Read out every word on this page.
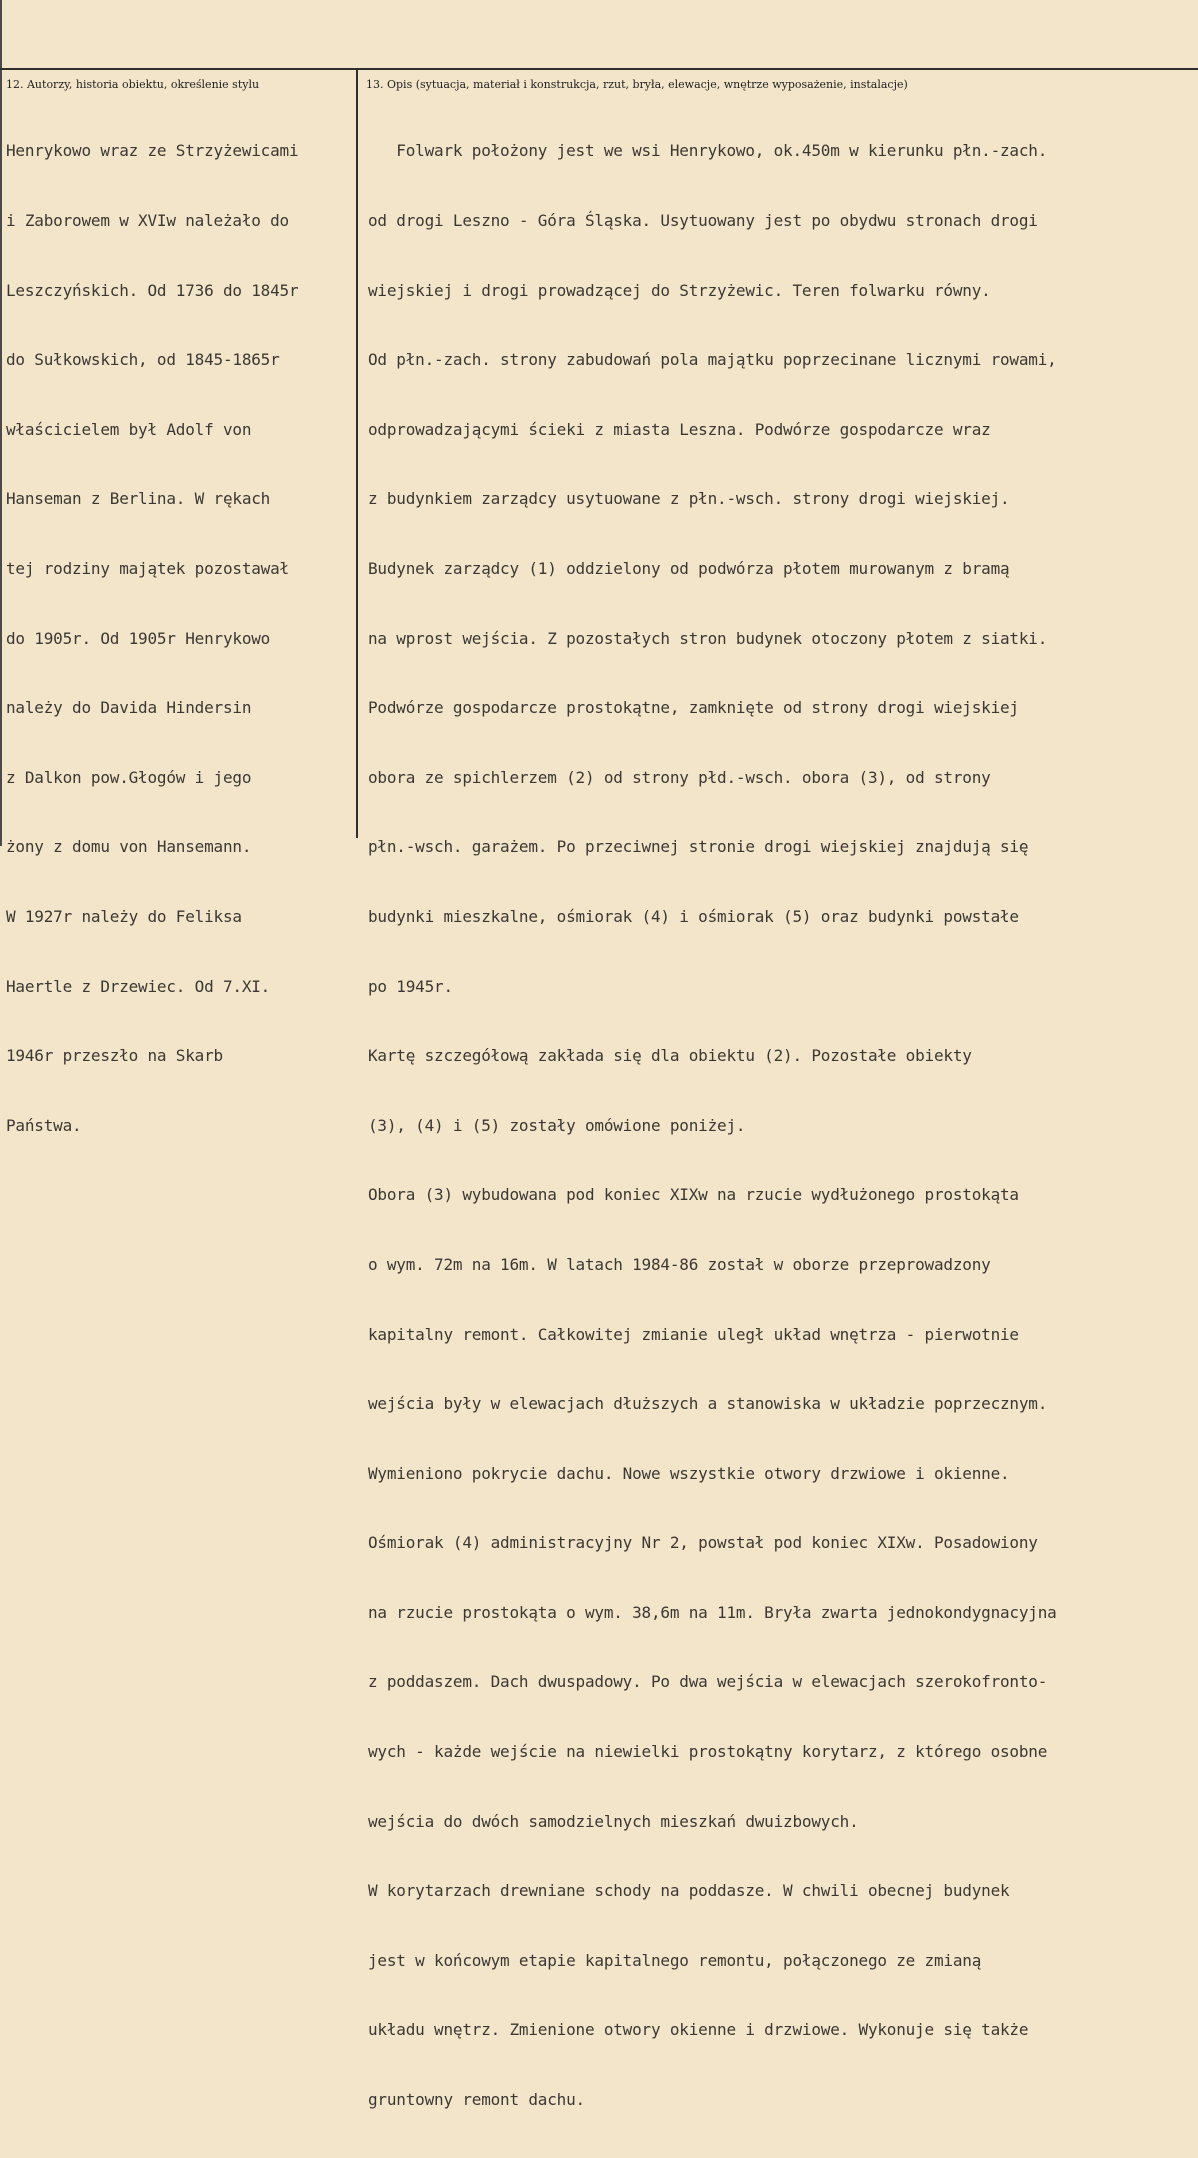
12. Autorzy, historia obiektu, określenie stylu	13. Opis (sytuacja, materiał i konstrukcja, rzut, bryła, elewacje, wnętrze wyposażenie, instalacje)

Henrykowo wraz ze Strzyżewicami

i Zaborowem w XVIw należało do

Leszczyńskich. Od 1736 do 1845r

do Sułkowskich, od 1845-1865r

właścicielem był Adolf von

Hanseman z Berlina. W rękach

tej rodziny majątek pozostawał

do 1905r. Od 1905r Henrykowo

należy do Davida Hindersin

z Dalkon pow.Głogów i jego

żony z domu von Hansemann.

W 1927r należy do Feliksa

Haertle z Drzewiec. Od 7.XI.

1946r przeszło na Skarb

Państwa.

Folwark położony jest we wsi Henrykowo, ok.450m w kierunku płn.-zach.

od drogi Leszno - Góra Śląska. Usytuowany jest po obydwu stronach drogi

wiejskiej i drogi prowadzącej do Strzyżewic. Teren folwarku równy.

Od płn.-zach. strony zabudowań pola majątku poprzecinane licznymi rowami,

odprowadzającymi ścieki z miasta Leszna. Podwórze gospodarcze wraz

z budynkiem zarządcy usytuowane z płn.-wsch. strony drogi wiejskiej.

Budynek zarządcy (1) oddzielony od podwórza płotem murowanym z bramą

na wprost wejścia. Z pozostałych stron budynek otoczony płotem z siatki.

Podwórze gospodarcze prostokątne, zamknięte od strony drogi wiejskiej

obora ze spichlerzem (2) od strony płd.-wsch. obora (3), od strony

płn.-wsch. garażem. Po przeciwnej stronie drogi wiejskiej znajdują się

budynki mieszkalne, ośmiorak (4) i ośmiorak (5) oraz budynki powstałe

po 1945r.

Kartę szczegółową zakłada się dla obiektu (2). Pozostałe obiekty

(3), (4) i (5) zostały omówione poniżej.

Obora (3) wybudowana pod koniec XIXw na rzucie wydłużonego prostokąta

o wym. 72m na 16m. W latach 1984-86 został w oborze przeprowadzony

kapitalny remont. Całkowitej zmianie uległ układ wnętrza - pierwotnie

wejścia były w elewacjach dłuższych a stanowiska w układzie poprzecznym.

Wymieniono pokrycie dachu. Nowe wszystkie otwory drzwiowe i okienne.

Ośmiorak (4) administracyjny Nr 2, powstał pod koniec XIXw. Posadowiony

na rzucie prostokąta o wym. 38,6m na 11m. Bryła zwarta jednokondygnacyjna

z poddaszem. Dach dwuspadowy. Po dwa wejścia w elewacjach szerokofronto-

wych - każde wejście na niewielki prostokątny korytarz, z którego osobne

wejścia do dwóch samodzielnych mieszkań dwuizbowych.

W korytarzach drewniane schody na poddasze. W chwili obecnej budynek

jest w końcowym etapie kapitalnego remontu, połączonego ze zmianą

układu wnętrz. Zmienione otwory okienne i drzwiowe. Wykonuje się także

gruntowny remont dachu.
